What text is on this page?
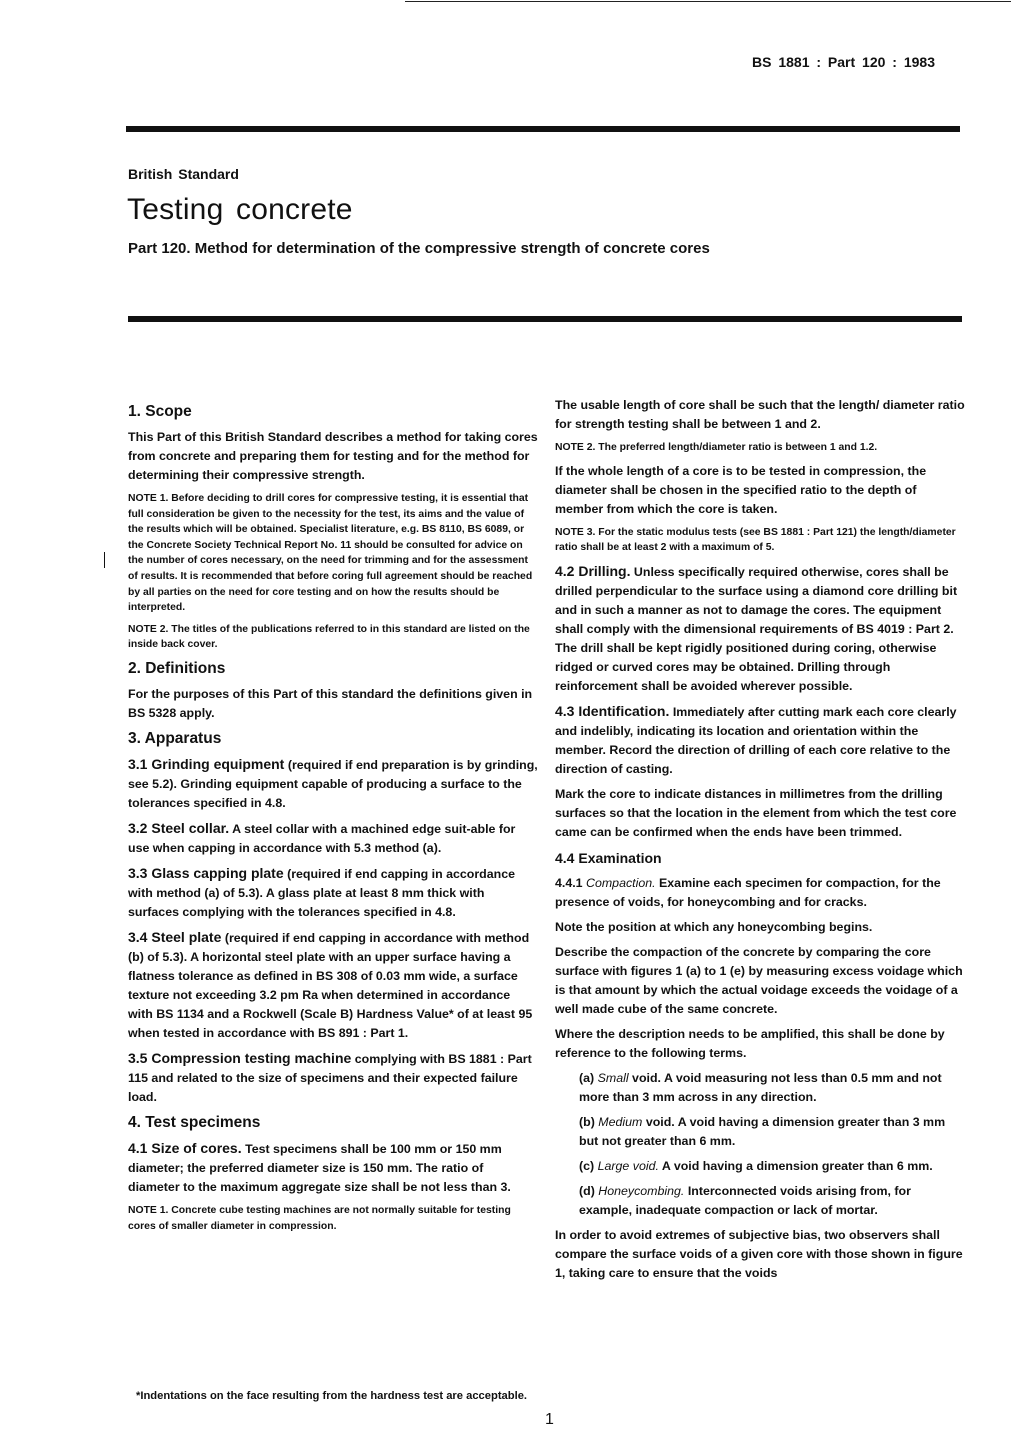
BS 1881 : Part 120 : 1983
British Standard
Testing concrete
Part 120. Method for determination of the compressive strength of concrete cores
1. Scope

This Part of this British Standard describes a method for taking cores from concrete and preparing them for testing and for the method for determining their compressive strength.

NOTE 1. Before deciding to drill cores for compressive testing, it is essential that full consideration be given to the necessity for the test, its aims and the value of the results which will be obtained. Specialist literature, e.g. BS 8110, BS 6089, or the Concrete Society Technical Report No. 11 should be consulted for advice on the number of cores necessary, on the need for trimming and for the assessment of results. It is recommended that before coring full agreement should be reached by all parties on the need for core testing and on how the results should be interpreted.

NOTE 2. The titles of the publications referred to in this standard are listed on the inside back cover.

2. Definitions

For the purposes of this Part of this standard the definitions given in BS 5328 apply.

3. Apparatus

3.1 Grinding equipment (required if end preparation is by grinding, see 5.2). Grinding equipment capable of producing a surface to the tolerances specified in 4.8.

3.2 Steel collar. A steel collar with a machined edge suit-able for use when capping in accordance with 5.3 method (a).

3.3 Glass capping plate (required if end capping in accordance with method (a) of 5.3). A glass plate at least 8 mm thick with surfaces complying with the tolerances specified in 4.8.

3.4 Steel plate (required if end capping in accordance with method (b) of 5.3). A horizontal steel plate with an upper surface having a flatness tolerance as defined in BS 308 of 0.03 mm wide, a surface texture not exceeding 3.2 pm Ra when determined in accordance with BS 1134 and a Rockwell (Scale B) Hardness Value* of at least 95 when tested in accordance with BS 891 : Part 1.

3.5 Compression testing machine complying with BS 1881 : Part 115 and related to the size of specimens and their expected failure load.

4. Test specimens

4.1 Size of cores. Test specimens shall be 100 mm or 150 mm diameter; the preferred diameter size is 150 mm. The ratio of diameter to the maximum aggregate size shall be not less than 3.

NOTE 1. Concrete cube testing machines are not normally suitable for testing cores of smaller diameter in compression.

The usable length of core shall be such that the length/ diameter ratio for strength testing shall be between 1 and 2.

NOTE 2. The preferred length/diameter ratio is between 1 and 1.2.

If the whole length of a core is to be tested in compression, the diameter shall be chosen in the specified ratio to the depth of member from which the core is taken.

NOTE 3. For the static modulus tests (see BS 1881 : Part 121) the length/diameter ratio shall be at least 2 with a maximum of 5.

4.2 Drilling. Unless specifically required otherwise, cores shall be drilled perpendicular to the surface using a diamond core drilling bit and in such a manner as not to damage the cores. The equipment shall comply with the dimensional requirements of BS 4019 : Part 2. The drill shall be kept rigidly positioned during coring, otherwise ridged or curved cores may be obtained. Drilling through reinforcement shall be avoided wherever possible.

4.3 Identification. Immediately after cutting mark each core clearly and indelibly, indicating its location and orientation within the member. Record the direction of drilling of each core relative to the direction of casting.

Mark the core to indicate distances in millimetres from the drilling surfaces so that the location in the element from which the test core came can be confirmed when the ends have been trimmed.

4.4 Examination

4.4.1 Compaction. Examine each specimen for compaction, for the presence of voids, for honeycombing and for cracks.

Note the position at which any honeycombing begins.

Describe the compaction of the concrete by comparing the core surface with figures 1 (a) to 1 (e) by measuring excess voidage which is that amount by which the actual voidage exceeds the voidage of a well made cube of the same concrete.

Where the description needs to be amplified, this shall be done by reference to the following terms.

(a) Small void. A void measuring not less than 0.5 mm and not more than 3 mm across in any direction.

(b) Medium void. A void having a dimension greater than 3 mm but not greater than 6 mm.

(c) Large void. A void having a dimension greater than 6 mm.

(d) Honeycombing. Interconnected voids arising from, for example, inadequate compaction or lack of mortar.

In order to avoid extremes of subjective bias, two observers shall compare the surface voids of a given core with those shown in figure 1, taking care to ensure that the voids

*Indentations on the face resulting from the hardness test are acceptable.
1
